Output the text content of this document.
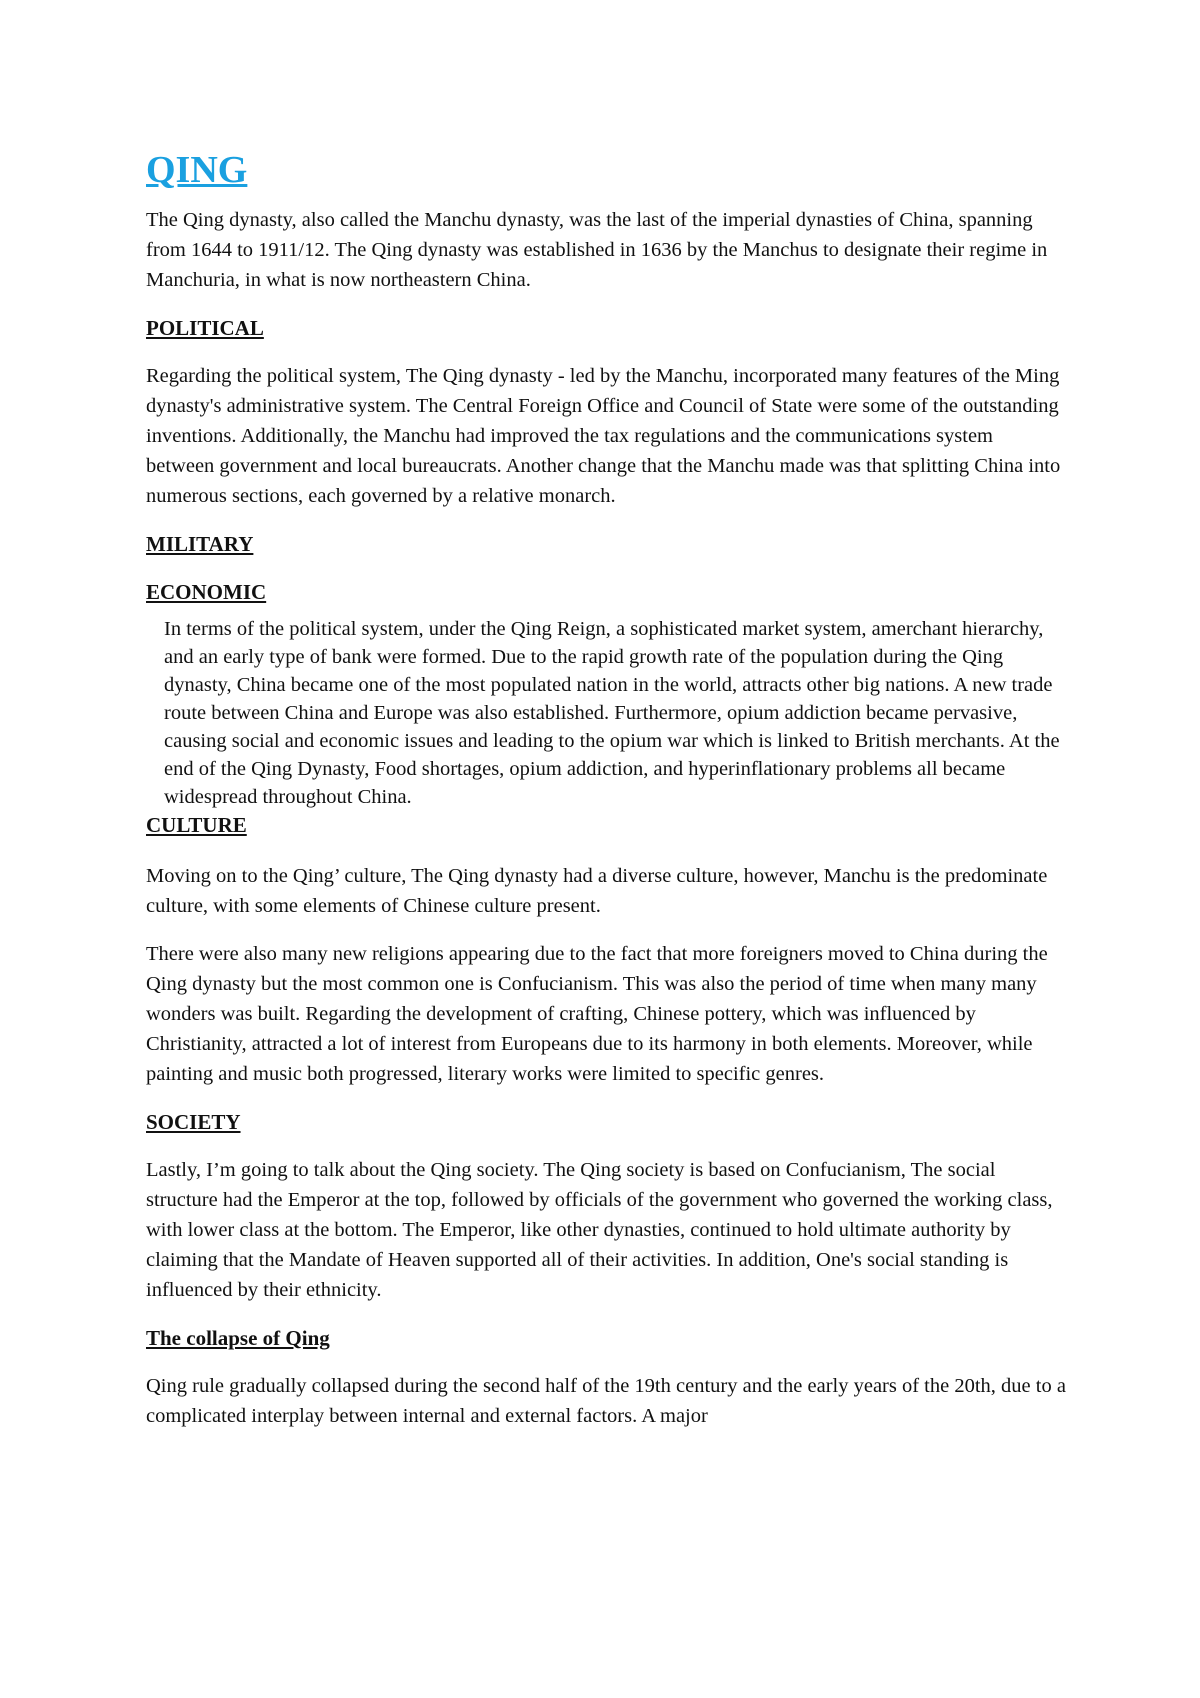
QING

The Qing dynasty, also called the Manchu dynasty, was the last of the imperial dynasties of China, spanning from 1644 to 1911/12. The Qing dynasty was established in 1636 by the Manchus to designate their regime in Manchuria, in what is now northeastern China.

POLITICAL

Regarding the political system, The Qing dynasty - led by the Manchu, incorporated many features of the Ming dynasty's administrative system. The Central Foreign Office and Council of State were some of the outstanding inventions. Additionally, the Manchu had improved the tax regulations and the communications system between government and local bureaucrats. Another change that the Manchu made was that splitting China into numerous sections, each governed by a relative monarch.

MILITARY
ECONOMIC

In terms of the political system, under the Qing Reign, a sophisticated market system, amerchant hierarchy, and an early type of bank were formed. Due to the rapid growth rate of the population during the Qing dynasty, China became one of the most populated nation in the world, attracts other big nations. A new trade route between China and Europe was also established. Furthermore, opium addiction became pervasive, causing social and economic issues and leading to the opium war which is linked to British merchants. At the end of the Qing Dynasty, Food shortages, opium addiction, and hyperinflationary problems all became widespread throughout China.

CULTURE

Moving on to the Qing’ culture, The Qing dynasty had a diverse culture, however, Manchu is the predominate culture, with some elements of Chinese culture present.

There were also many new religions appearing due to the fact that more foreigners moved to China during the Qing dynasty but the most common one is Confucianism. This was also the period of time when many many wonders was built. Regarding the development of crafting, Chinese pottery, which was influenced by Christianity, attracted a lot of interest from Europeans due to its harmony in both elements. Moreover, while painting and music both progressed, literary works were limited to specific genres.

SOCIETY

Lastly, I’m going to talk about the Qing society. The Qing society is based on Confucianism, The social structure had the Emperor at the top, followed by officials of the government who governed the working class, with lower class at the bottom. The Emperor, like other dynasties, continued to hold ultimate authority by claiming that the Mandate of Heaven supported all of their activities. In addition, One's social standing is influenced by their ethnicity.

The collapse of Qing

Qing rule gradually collapsed during the second half of the 19th century and the early years of the 20th, due to a complicated interplay between internal and external factors. A major
